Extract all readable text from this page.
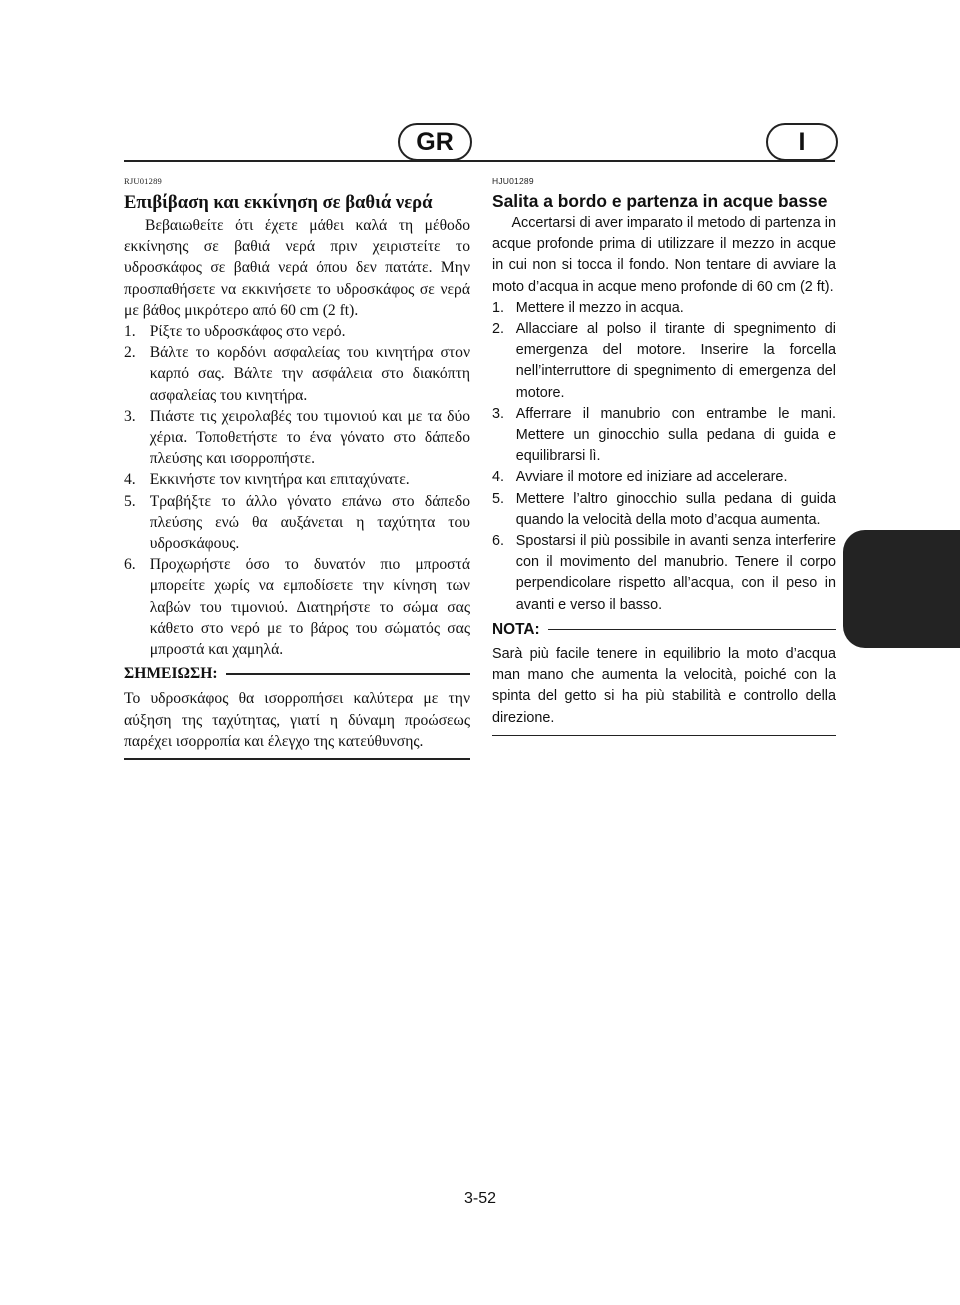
GR	I
RJU01289
Επιβίβαση και εκκίνηση σε βαθιά νερά

Βεβαιωθείτε ότι έχετε μάθει καλά τη μέθοδο εκκίνησης σε βαθιά νερά πριν χειριστείτε το υδροσκάφος σε βαθιά νερά όπου δεν πατάτε. Μην προσπαθήσετε να εκκινήσετε το υδροσκάφος σε νερά με βάθος μικρότερο από 60 cm (2 ft).

1. Ρίξτε το υδροσκάφος στο νερό.
2. Βάλτε το κορδόνι ασφαλείας του κινητήρα στον καρπό σας. Βάλτε την ασφάλεια στο διακόπτη ασφαλείας του κινητήρα.
3. Πιάστε τις χειρολαβές του τιμονιού και με τα δύο χέρια. Τοποθετήστε το ένα γόνατο στο δάπεδο πλεύσης και ισορροπήστε.
4. Εκκινήστε τον κινητήρα και επιταχύνατε.
5. Τραβήξτε το άλλο γόνατο επάνω στο δάπεδο πλεύσης ενώ θα αυξάνεται η ταχύτητα του υδροσκάφους.
6. Προχωρήστε όσο το δυνατόν πιο μπροστά μπορείτε χωρίς να εμποδίσετε την κίνηση των λαβών του τιμονιού. Διατηρήστε το σώμα σας κάθετο στο νερό με το βάρος του σώματός σας μπροστά και χαμηλά.
ΣΗΜΕΙΩΣΗ:

Το υδροσκάφος θα ισορροπήσει καλύτερα με την αύξηση της ταχύτητας, γιατί η δύναμη προώσεως παρέχει ισορροπία και έλεγχο της κατεύθυνσης.

HJU01289
Salita a bordo e partenza in acque basse

Accertarsi di aver imparato il metodo di partenza in acque profonde prima di utilizzare il mezzo in acque in cui non si tocca il fondo. Non tentare di avviare la moto d’acqua in acque meno profonde di 60 cm (2 ft).

1. Mettere il mezzo in acqua.
2. Allacciare al polso il tirante di spegnimento di emergenza del motore. Inserire la forcella nell’interruttore di spegnimento di emergenza del motore.
3. Afferrare il manubrio con entrambe le mani. Mettere un ginocchio sulla pedana di guida e equilibrarsi lì.
4. Avviare il motore ed iniziare ad accelerare.
5. Mettere l’altro ginocchio sulla pedana di guida quando la velocità della moto d’acqua aumenta.
6. Spostarsi il più possibile in avanti senza interferire con il movimento del manubrio. Tenere il corpo perpendicolare rispetto all’acqua, con il peso in avanti e verso il basso.
NOTA:

Sarà più facile tenere in equilibrio la moto d’acqua man mano che aumenta la velocità, poiché con la spinta del getto si ha più stabilità e controllo della direzione.

3-52
